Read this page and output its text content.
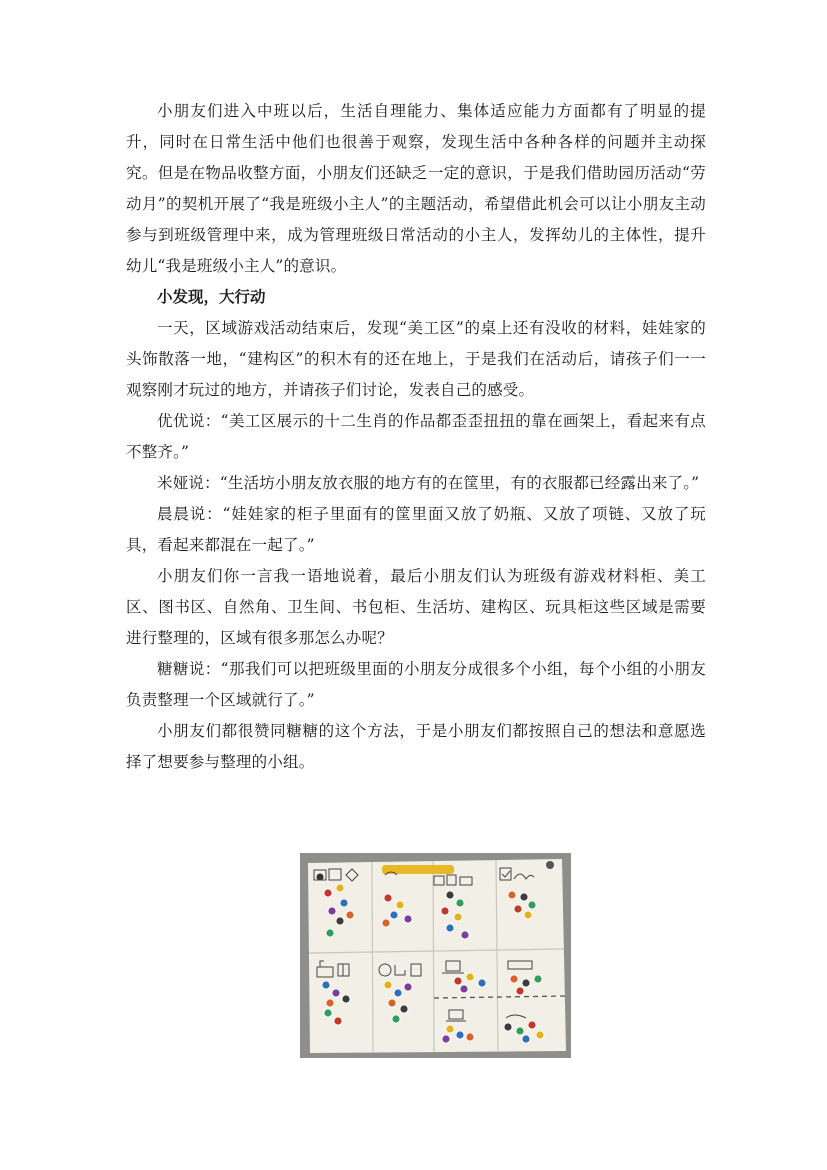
小朋友们进入中班以后，生活自理能力、集体适应能力方面都有了明显的提升，同时在日常生活中他们也很善于观察，发现生活中各种各样的问题并主动探究。但是在物品收整方面，小朋友们还缺乏一定的意识，于是我们借助园历活动“劳动月”的契机开展了“我是班级小主人”的主题活动，希望借此机会可以让小朋友主动参与到班级管理中来，成为管理班级日常活动的小主人，发挥幼儿的主体性，提升幼儿“我是班级小主人”的意识。

小发现，大行动

一天，区域游戏活动结束后，发现“美工区”的桌上还有没收的材料，娃娃家的头饰散落一地，“建构区”的积木有的还在地上，于是我们在活动后，请孩子们一一观察刚才玩过的地方，并请孩子们讨论，发表自己的感受。

优优说：“美工区展示的十二生肖的作品都歪歪扭扭的靠在画架上，看起来有点不整齐。”

米娅说：“生活坊小朋友放衣服的地方有的在筐里，有的衣服都已经露出来了。”

晨晨说：“娃娃家的柜子里面有的筐里面又放了奶瓶、又放了项链、又放了玩具，看起来都混在一起了。”

小朋友们你一言我一语地说着，最后小朋友们认为班级有游戏材料柜、美工区、图书区、自然角、卫生间、书包柜、生活坊、建构区、玩具柜这些区域是需要进行整理的，区域有很多那怎么办呢？

糖糖说：“那我们可以把班级里面的小朋友分成很多个小组，每个小组的小朋友负责整理一个区域就行了。”

小朋友们都很赞同糖糖的这个方法，于是小朋友们都按照自己的想法和意愿选择了想要参与整理的小组。
